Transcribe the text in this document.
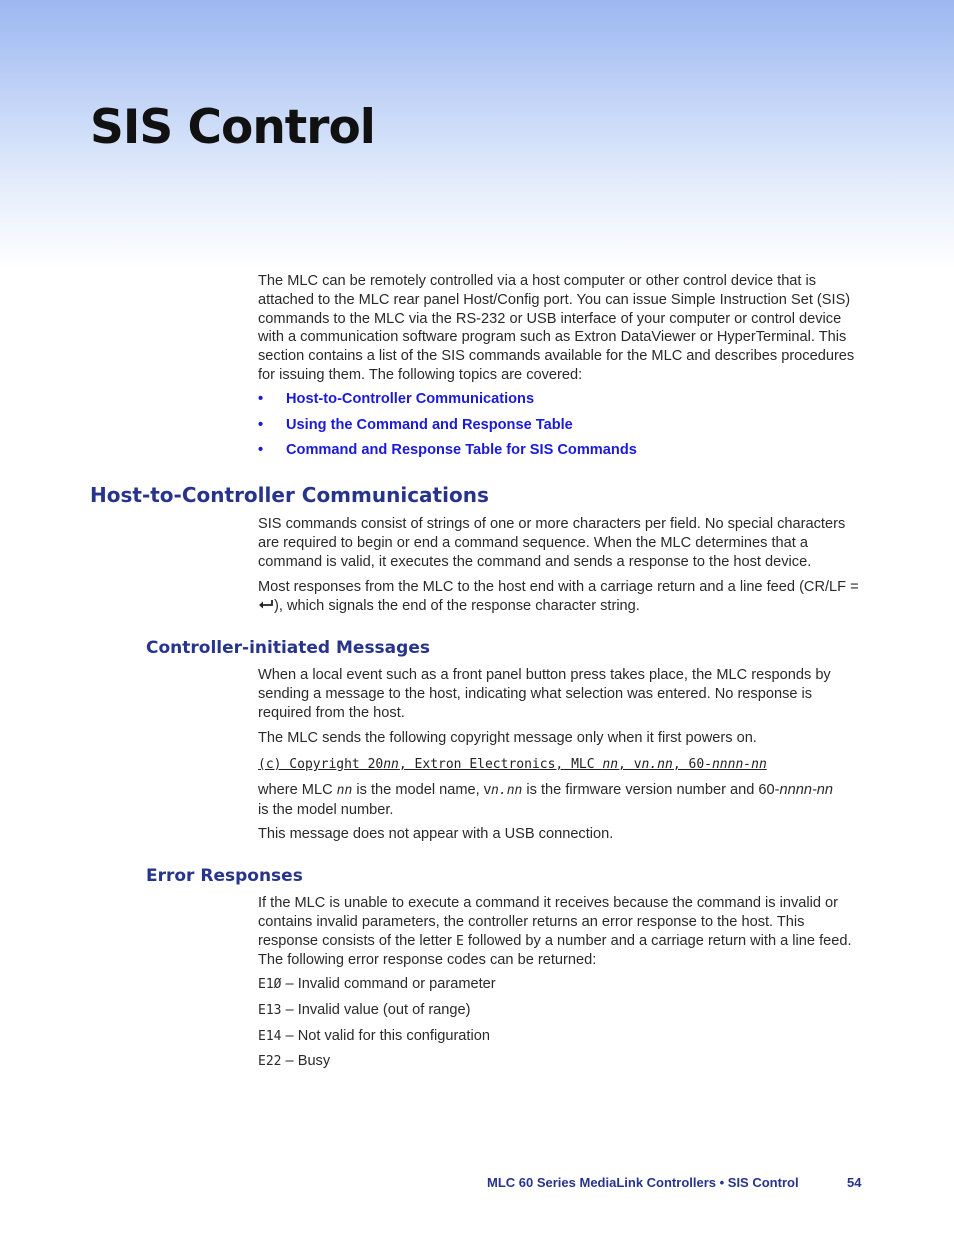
SIS Control

The MLC can be remotely controlled via a host computer or other control device that is attached to the MLC rear panel Host/Config port. You can issue Simple Instruction Set (SIS) commands to the MLC via the RS-232 or USB interface of your computer or control device with a communication software program such as Extron DataViewer or HyperTerminal. This section contains a list of the SIS commands available for the MLC and describes procedures for issuing them. The following topics are covered:

• Host-to-Controller Communications
• Using the Command and Response Table
• Command and Response Table for SIS Commands
Host-to-Controller Communications

SIS commands consist of strings of one or more characters per field. No special characters are required to begin or end a command sequence. When the MLC determines that a command is valid, it executes the command and sends a response to the host device.

Most responses from the MLC to the host end with a carriage return and a line feed (CR/LF = ), which signals the end of the response character string.

Controller-initiated Messages

When a local event such as a front panel button press takes place, the MLC responds by sending a message to the host, indicating what selection was entered. No response is required from the host.

The MLC sends the following copyright message only when it first powers on.

(c) Copyright 20nn, Extron Electronics, MLC nn, vn.nn, 60-nnnn-nn

where MLC nn is the model name, vn.nn is the firmware version number and 60-nnnn-nn
is the model number.

This message does not appear with a USB connection.

Error Responses

If the MLC is unable to execute a command it receives because the command is invalid or contains invalid parameters, the controller returns an error response to the host. This response consists of the letter E followed by a number and a carriage return with a line feed. The following error response codes can be returned:

E1Ø – Invalid command or parameter
E13 – Invalid value (out of range)
E14 – Not valid for this configuration
E22 – Busy
MLC 60 Series MediaLink Controllers • SIS Control	54
